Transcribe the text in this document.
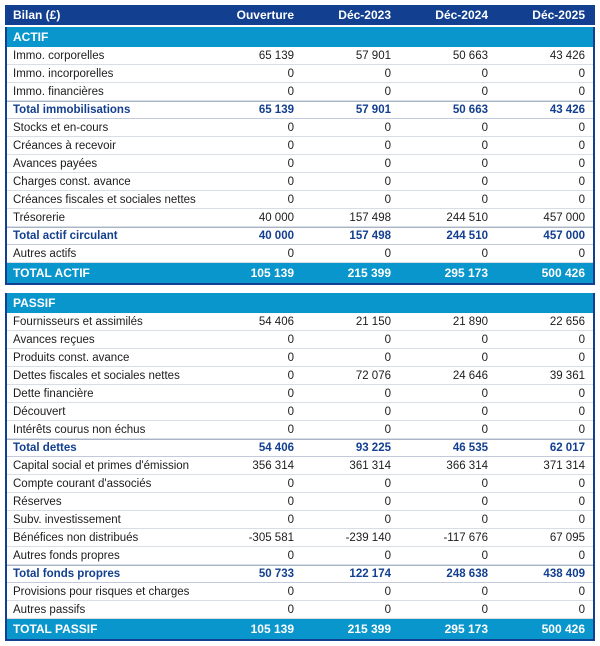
Bilan (£)	Ouverture	Déc-2023	Déc-2024	Déc-2025
ACTIF
Immo. corporelles	65 139	57 901	50 663	43 426
Immo. incorporelles	0	0	0	0
Immo. financières	0	0	0	0
Total immobilisations	65 139	57 901	50 663	43 426
Stocks et en-cours	0	0	0	0
Créances à recevoir	0	0	0	0
Avances payées	0	0	0	0
Charges const. avance	0	0	0	0
Créances fiscales et sociales nettes	0	0	0	0
Trésorerie	40 000	157 498	244 510	457 000
Total actif circulant	40 000	157 498	244 510	457 000
Autres actifs	0	0	0	0
TOTAL ACTIF	105 139	215 399	295 173	500 426
PASSIF
Fournisseurs et assimilés	54 406	21 150	21 890	22 656
Avances reçues	0	0	0	0
Produits const. avance	0	0	0	0
Dettes fiscales et sociales nettes	0	72 076	24 646	39 361
Dette financière	0	0	0	0
Découvert	0	0	0	0
Intérêts courus non échus	0	0	0	0
Total dettes	54 406	93 225	46 535	62 017
Capital social et primes d'émission	356 314	361 314	366 314	371 314
Compte courant d'associés	0	0	0	0
Réserves	0	0	0	0
Subv. investissement	0	0	0	0
Bénéfices non distribués	-305 581	-239 140	-117 676	67 095
Autres fonds propres	0	0	0	0
Total fonds propres	50 733	122 174	248 638	438 409
Provisions pour risques et charges	0	0	0	0
Autres passifs	0	0	0	0
TOTAL PASSIF	105 139	215 399	295 173	500 426
